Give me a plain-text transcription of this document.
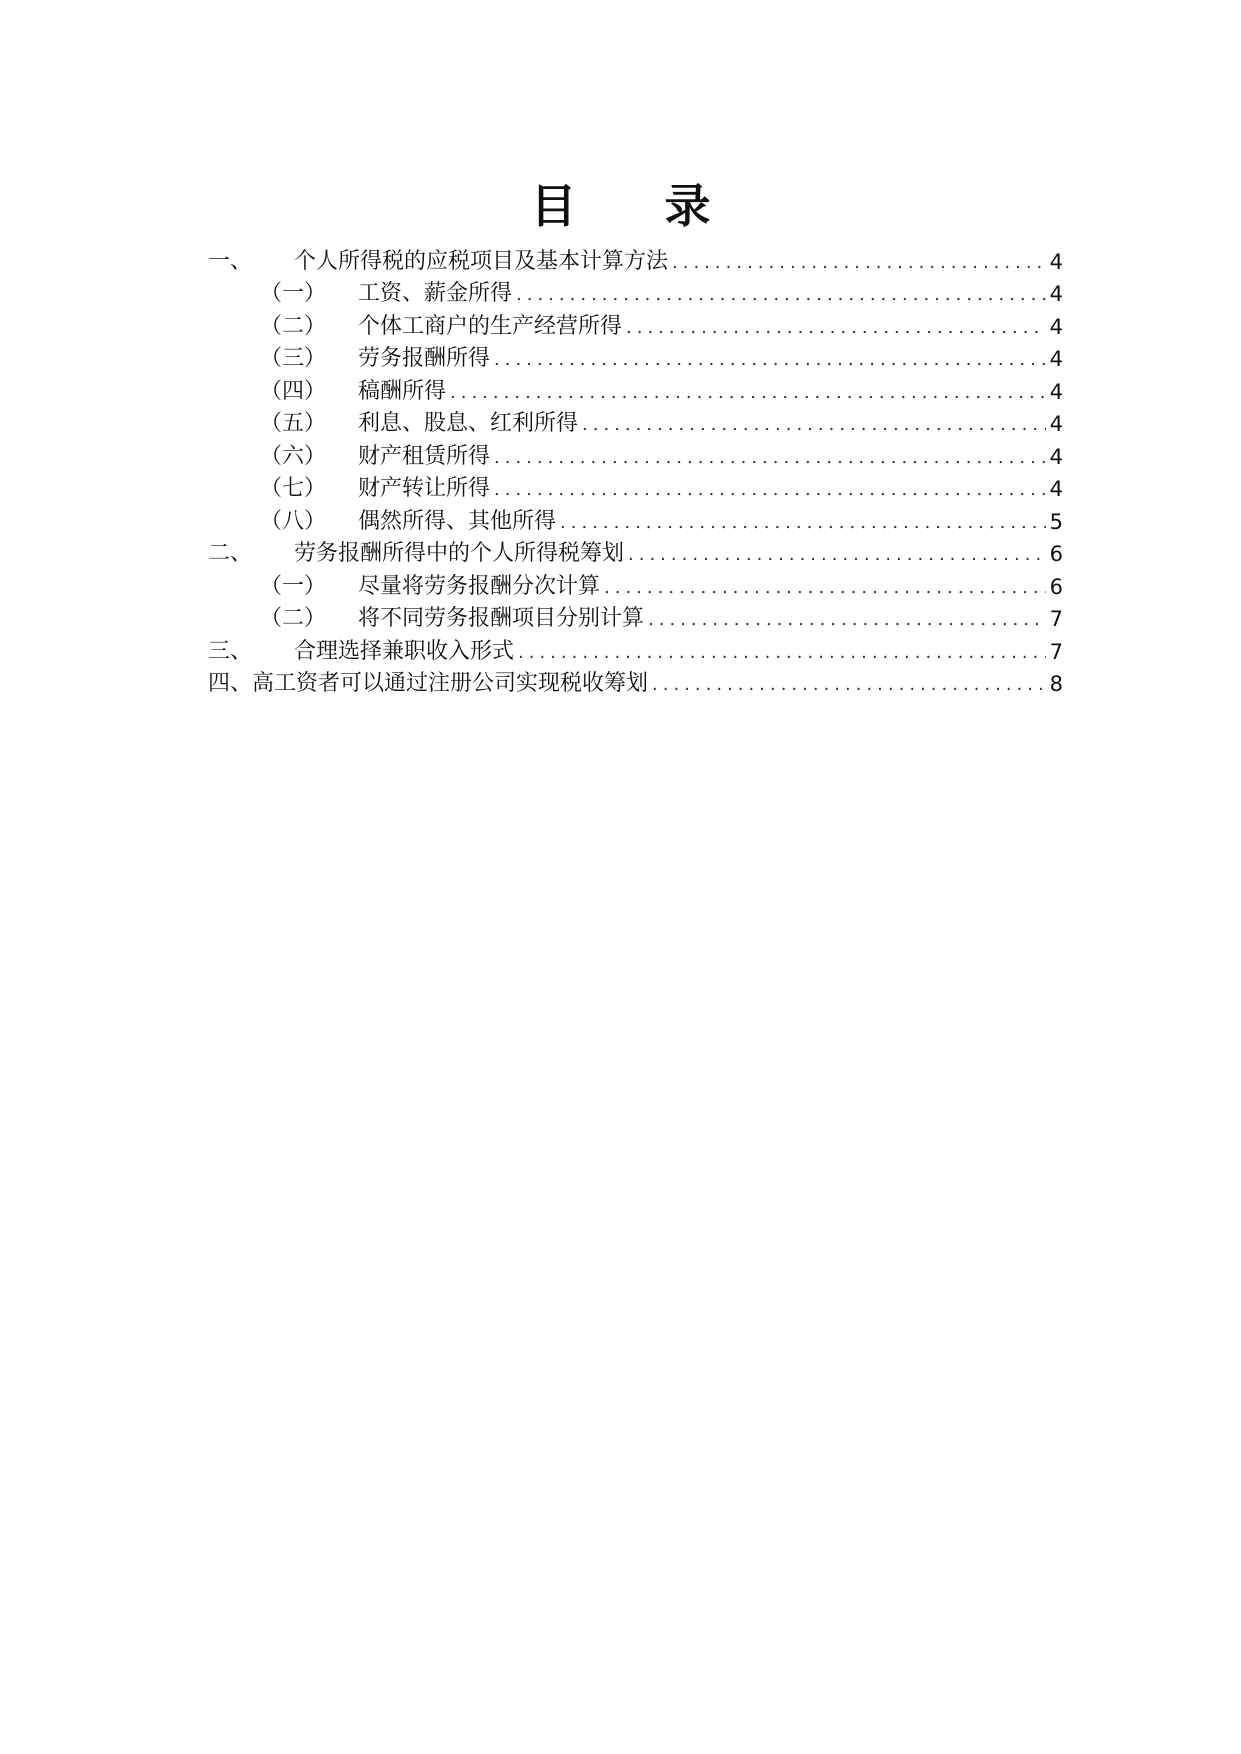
目 录
一、	个人所得税的应税项目及基本计算方法 .....	4
（一）	工资、薪金所得 .....	4
（二）	个体工商户的生产经营所得 .....	4
（三）	劳务报酬所得 .....	4
（四）	稿酬所得 .....	4
（五）	利息、股息、红利所得 .....	4
（六）	财产租赁所得 .....	4
（七）	财产转让所得 .....	4
（八）	偶然所得、其他所得 .....	5
二、	劳务报酬所得中的个人所得税筹划 .....	6
（一）	尽量将劳务报酬分次计算 .....	6
（二）	将不同劳务报酬项目分别计算 .....	7
三、	合理选择兼职收入形式 .....	7
四、 高工资者可以通过注册公司实现税收筹划 .....	8
